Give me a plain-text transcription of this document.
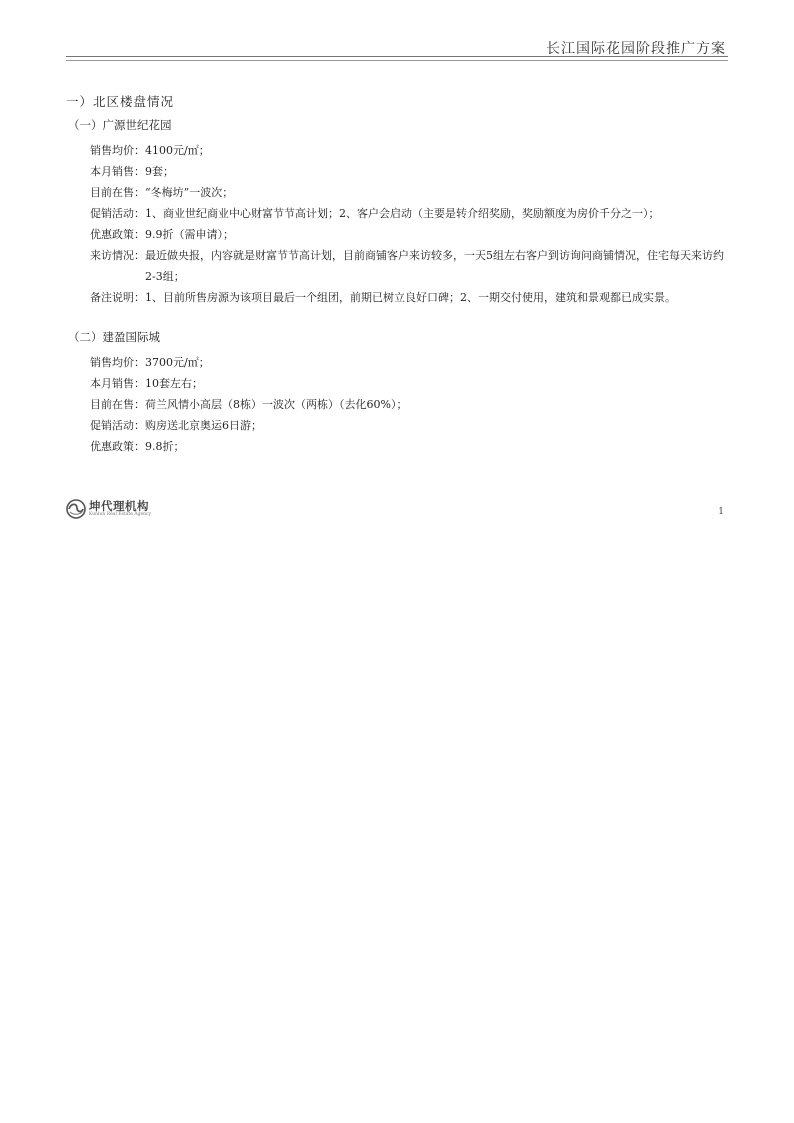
长江国际花园阶段推广方案
一）北区楼盘情况
（一）广源世纪花园
销售均价： 4100元/㎡；
本月销售： 9套；
目前在售： “冬梅坊”一波次；
促销活动： 1、商业世纪商业中心财富节节高计划；2、客户会启动（主要是转介绍奖励，奖励额度为房价千分之一）；
优惠政策： 9.9折（需申请）；
来访情况： 最近做央报，内容就是财富节节高计划，目前商铺客户来访较多，一天5组左右客户到访询问商铺情况，住宅每天来访约2-3组；
备注说明： 1、目前所售房源为该项目最后一个组团，前期已树立良好口碑；2、一期交付使用，建筑和景观都已成实景。
（二）建盈国际城
销售均价： 3700元/㎡；
本月销售： 10套左右；
目前在售： 荷兰风情小高层（8栋）一波次（两栋）（去化60%）；
促销活动： 购房送北京奥运6日游；
优惠政策： 9.8折；
坤代理机构
Kunlun Real Estate Agency	1
